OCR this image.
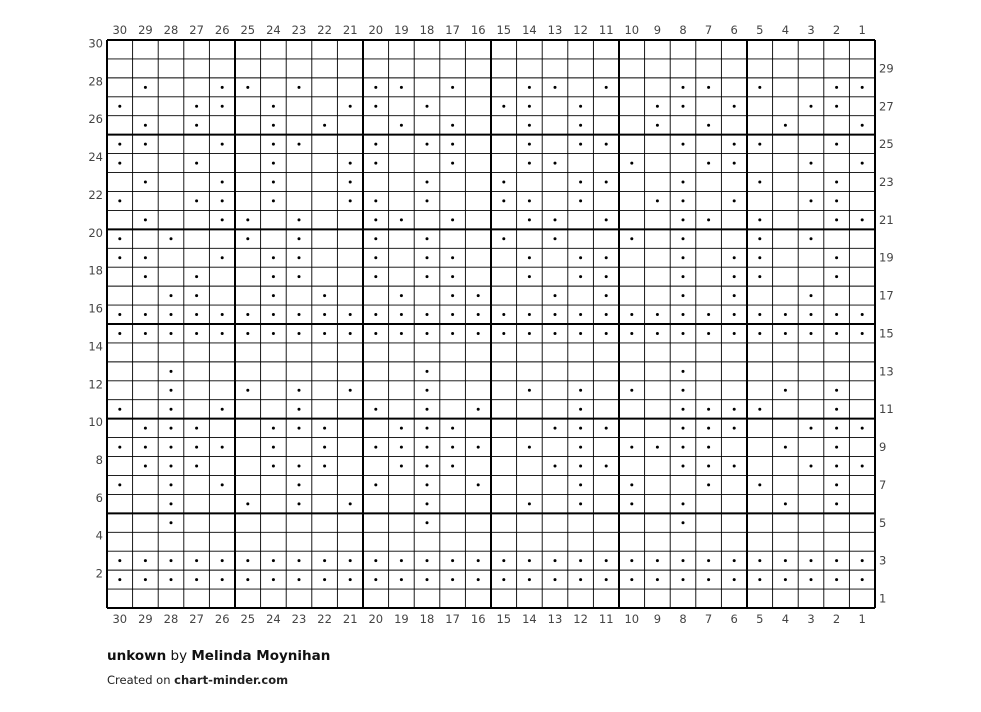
30
30
29
29
28
28
27
27
26
26
25
25
24
24
23
23
22
22
21
21
20
20
19
19
18
18
17
17
16
16
15
15
14
14
13
13
12
12
11
11
10
10
9
9
8
8
7
7
6
6
5
5
4
4
3
3
2
2
1
1
30
28
26
24
22
20
18
16
14
12
10
8
6
4
2
29
27
25
23
21
19
17
15
13
11
9
7
5
3
1
unkown by Melinda Moynihan
Created on chart-minder.com
